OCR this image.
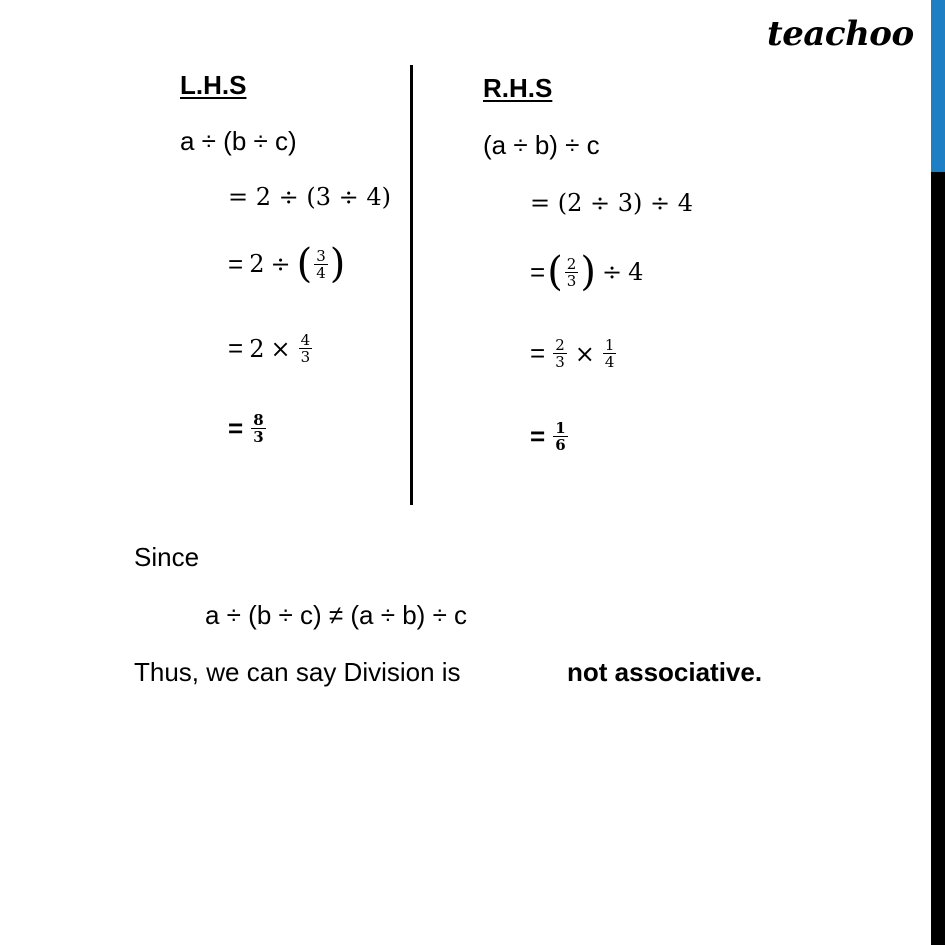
teachoo
L.H.S
a ÷ (b ÷ c)
= 2 ÷ (3 ÷ 4)
= 2 ÷ ( $\frac{3}{4}$ )
= $2 \times \frac{4}{3}$
= $\frac{8}{3}$
R.H.S
(a ÷ b) ÷ c
= (2 ÷ 3) ÷ 4
= ( $\frac{2}{3}$ ) ÷ 4
= $\frac{2}{3} \times \frac{1}{4}$
= $\frac{1}{6}$
Since
a ÷ (b ÷ c) ≠ (a ÷ b) ÷ c
Thus, we can say Division is	not associative.
